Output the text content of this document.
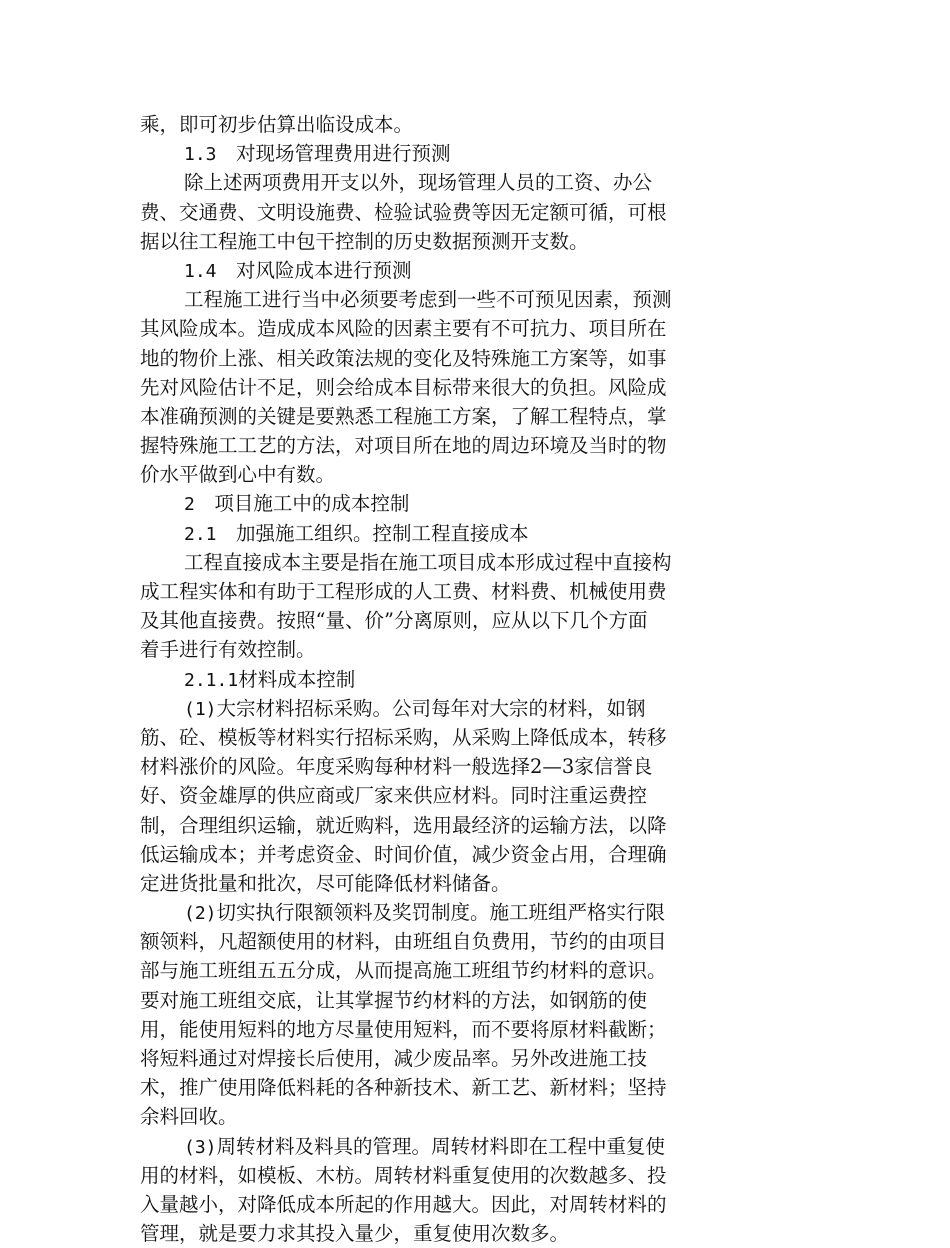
乘，即可初步估算出临设成本。
1.3　对现场管理费用进行预测
除上述两项费用开支以外，现场管理人员的工资、办公
费、交通费、文明设施费、检验试验费等因无定额可循，可根
据以往工程施工中包干控制的历史数据预测开支数。
1.4　对风险成本进行预测
工程施工进行当中必须要考虑到一些不可预见因素，预测
其风险成本。造成成本风险的因素主要有不可抗力、项目所在
地的物价上涨、相关政策法规的变化及特殊施工方案等，如事
先对风险估计不足，则会给成本目标带来很大的负担。风险成
本准确预测的关键是要熟悉工程施工方案，了解工程特点，掌
握特殊施工工艺的方法，对项目所在地的周边环境及当时的物
价水平做到心中有数。
2　项目施工中的成本控制
2.1　加强施工组织。控制工程直接成本
工程直接成本主要是指在施工项目成本形成过程中直接构
成工程实体和有助于工程形成的人工费、材料费、机械使用费
及其他直接费。按照“量、价”分离原则，应从以下几个方面
着手进行有效控制。
2.1.1材料成本控制
(1)大宗材料招标采购。公司每年对大宗的材料，如钢
筋、砼、模板等材料实行招标采购，从采购上降低成本，转移
材料涨价的风险。年度采购每种材料一般选择2—3家信誉良
好、资金雄厚的供应商或厂家来供应材料。同时注重运费控
制，合理组织运输，就近购料，选用最经济的运输方法，以降
低运输成本；并考虑资金、时间价值，减少资金占用，合理确
定进货批量和批次，尽可能降低材料储备。
(2)切实执行限额领料及奖罚制度。施工班组严格实行限
额领料，凡超额使用的材料，由班组自负费用，节约的由项目
部与施工班组五五分成，从而提高施工班组节约材料的意识。
要对施工班组交底，让其掌握节约材料的方法，如钢筋的使
用，能使用短料的地方尽量使用短料，而不要将原材料截断；
将短料通过对焊接长后使用，减少废品率。另外改进施工技
术，推广使用降低料耗的各种新技术、新工艺、新材料；坚持
余料回收。
(3)周转材料及料具的管理。周转材料即在工程中重复使
用的材料，如模板、木枋。周转材料重复使用的次数越多、投
入量越小，对降低成本所起的作用越大。因此，对周转材料的
管理，就是要力求其投入量少，重复使用次数多。
